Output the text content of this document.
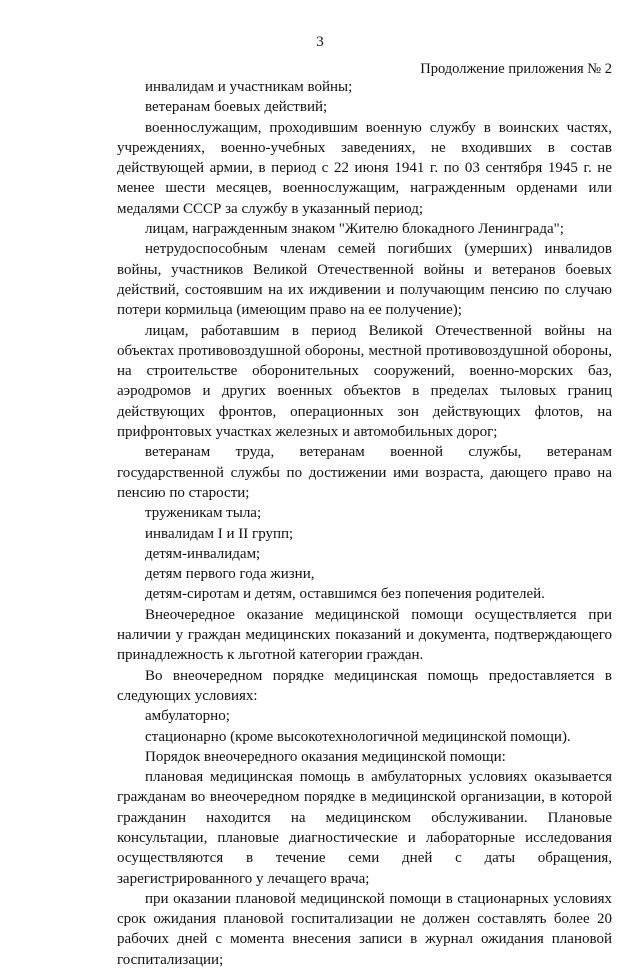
3
Продолжение приложения № 2

инвалидам и участникам войны;

ветеранам боевых действий;

военнослужащим, проходившим военную службу в воинских частях, учреждениях, военно-учебных заведениях, не входивших в состав действующей армии, в период с 22 июня 1941 г. по 03 сентября 1945 г. не менее шести месяцев, военнослужащим, награжденным орденами или медалями СССР за службу в указанный период;

лицам, награжденным знаком "Жителю блокадного Ленинграда";

нетрудоспособным членам семей погибших (умерших) инвалидов войны, участников Великой Отечественной войны и ветеранов боевых действий, состоявшим на их иждивении и получающим пенсию по случаю потери кормильца (имеющим право на ее получение);

лицам, работавшим в период Великой Отечественной войны на объектах противовоздушной обороны, местной противовоздушной обороны, на строительстве оборонительных сооружений, военно-морских баз, аэродромов и других военных объектов в пределах тыловых границ действующих фронтов, операционных зон действующих флотов, на прифронтовых участках железных и автомобильных дорог;

ветеранам труда, ветеранам военной службы, ветеранам государственной службы по достижении ими возраста, дающего право на пенсию по старости;

труженикам тыла;

инвалидам I и II групп;

детям-инвалидам;

детям первого года жизни,

детям-сиротам и детям, оставшимся без попечения родителей.

Внеочередное оказание медицинской помощи осуществляется при наличии у граждан медицинских показаний и документа, подтверждающего принадлежность к льготной категории граждан.

Во внеочередном порядке медицинская помощь предоставляется в следующих условиях:

амбулаторно;

стационарно (кроме высокотехнологичной медицинской помощи).

Порядок внеочередного оказания медицинской помощи:

плановая медицинская помощь в амбулаторных условиях оказывается гражданам во внеочередном порядке в медицинской организации, в которой гражданин находится на медицинском обслуживании. Плановые консультации, плановые диагностические и лабораторные исследования осуществляются в течение семи дней с даты обращения, зарегистрированного у лечащего врача;

при оказании плановой медицинской помощи в стационарных условиях срок ожидания плановой госпитализации не должен составлять более 20 рабочих дней с момента внесения записи в журнал ожидания плановой госпитализации;
